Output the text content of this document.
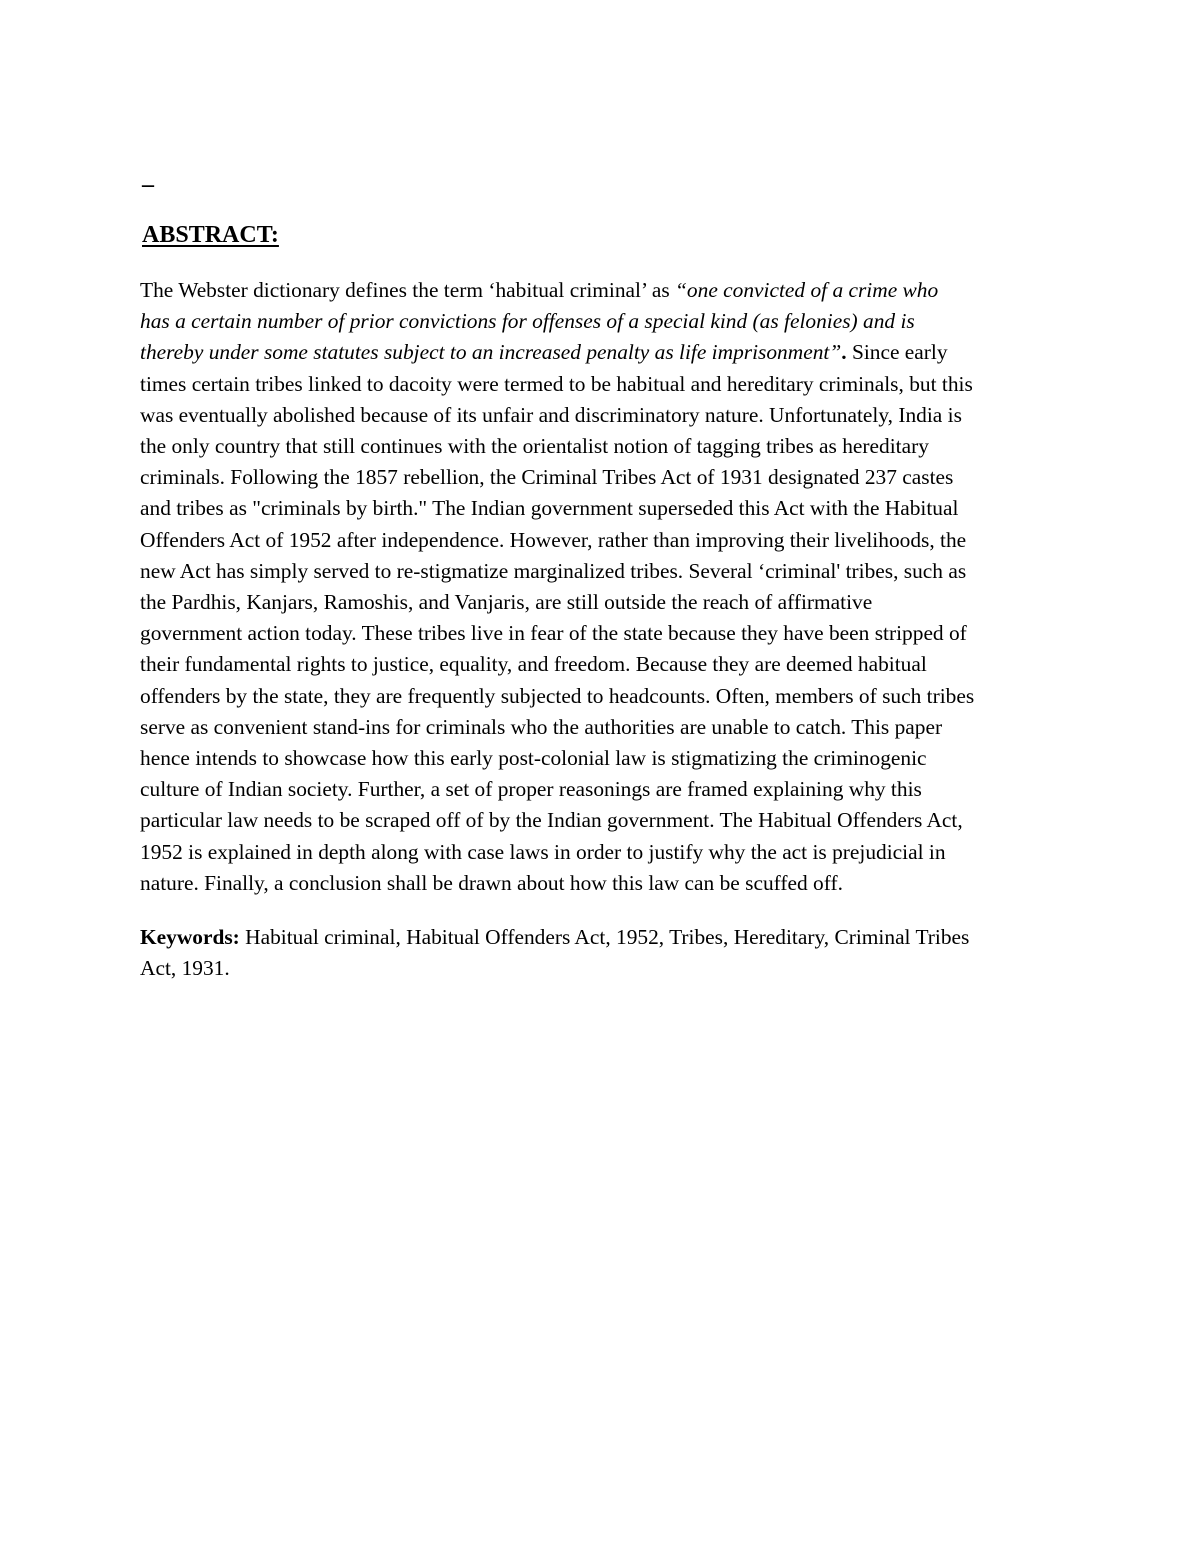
–
ABSTRACT:
The Webster dictionary defines the term ‘habitual criminal’ as “one convicted of a crime who
has a certain number of prior convictions for offenses of a special kind (as felonies) and is
thereby under some statutes subject to an increased penalty as life imprisonment”. Since early
times certain tribes linked to dacoity were termed to be habitual and hereditary criminals, but this
was eventually abolished because of its unfair and discriminatory nature. Unfortunately, India is
the only country that still continues with the orientalist notion of tagging tribes as hereditary
criminals. Following the 1857 rebellion, the Criminal Tribes Act of 1931 designated 237 castes
and tribes as "criminals by birth." The Indian government superseded this Act with the Habitual
Offenders Act of 1952 after independence. However, rather than improving their livelihoods, the
new Act has simply served to re-stigmatize marginalized tribes. Several ‘criminal' tribes, such as
the Pardhis, Kanjars, Ramoshis, and Vanjaris, are still outside the reach of affirmative
government action today. These tribes live in fear of the state because they have been stripped of
their fundamental rights to justice, equality, and freedom. Because they are deemed habitual
offenders by the state, they are frequently subjected to headcounts. Often, members of such tribes
serve as convenient stand-ins for criminals who the authorities are unable to catch. This paper
hence intends to showcase how this early post-colonial law is stigmatizing the criminogenic
culture of Indian society. Further, a set of proper reasonings are framed explaining why this
particular law needs to be scraped off of by the Indian government. The Habitual Offenders Act,
1952 is explained in depth along with case laws in order to justify why the act is prejudicial in
nature. Finally, a conclusion shall be drawn about how this law can be scuffed off.
Keywords: Habitual criminal, Habitual Offenders Act, 1952, Tribes, Hereditary, Criminal Tribes
Act, 1931.
